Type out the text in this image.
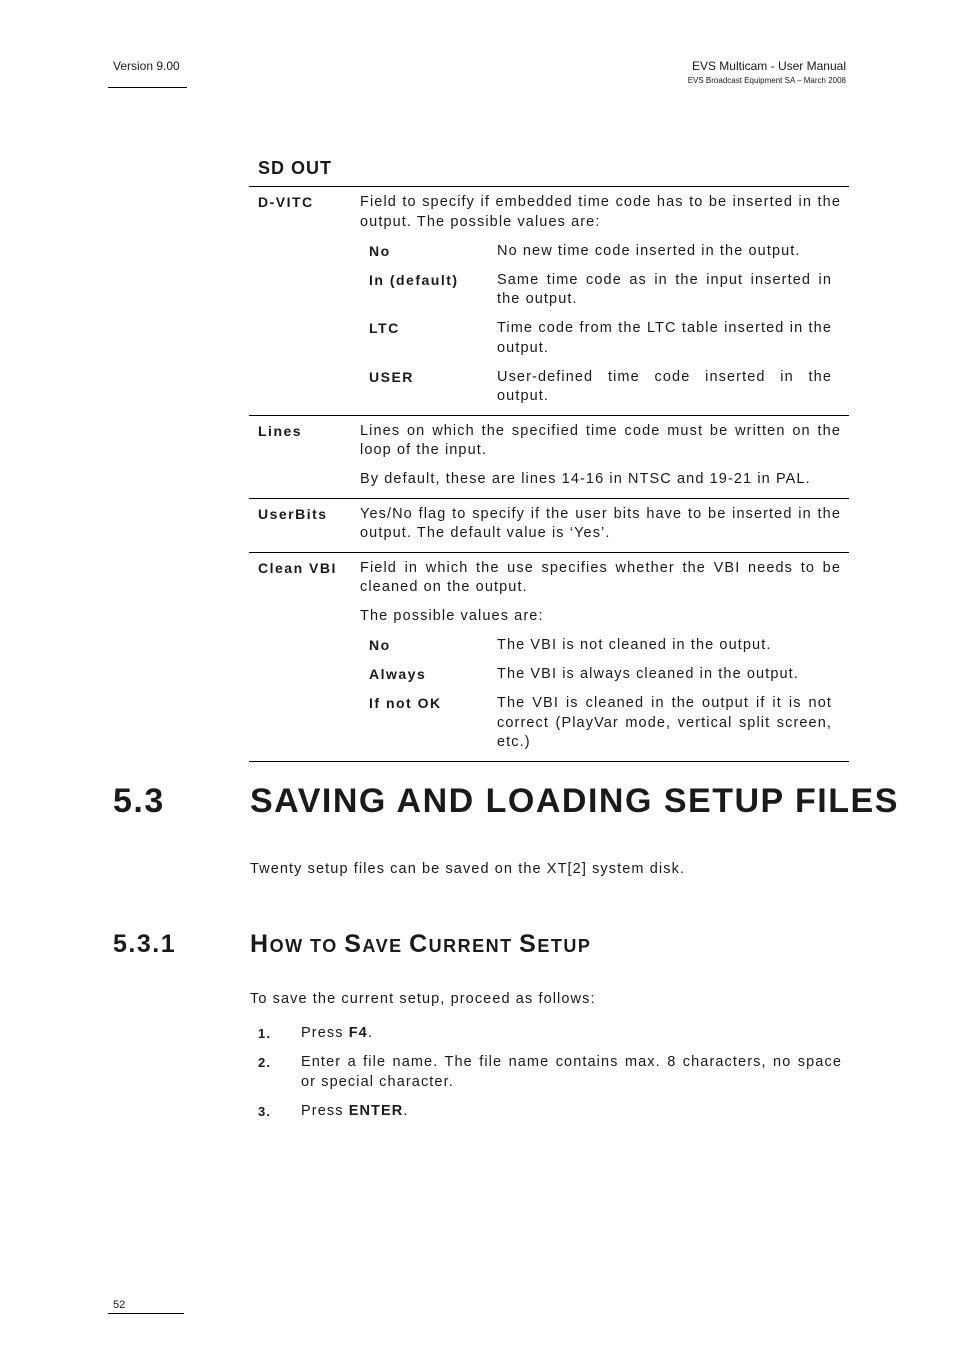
Version 9.00	EVS Multicam - User Manual
EVS Broadcast Equipment SA – March 2008
SD OUT
D-VITC	Field to specify if embedded time code has to be inserted in the output. The possible values are:

No	No new time code inserted in the output.
In (default)	Same time code as in the input inserted in the output.
LTC	Time code from the LTC table inserted in the output.
USER	User-defined time code inserted in the output.
Lines	Lines on which the specified time code must be written on the loop of the input.

By default, these are lines 14-16 in NTSC and 19-21 in PAL.

UserBits	Yes/No flag to specify if the user bits have to be inserted in the output. The default value is ‘Yes’.

Clean VBI	Field in which the use specifies whether the VBI needs to be cleaned on the output.

The possible values are:

No	The VBI is not cleaned in the output.
Always	The VBI is always cleaned in the output.
If not OK	The VBI is cleaned in the output if it is not correct (PlayVar mode, vertical split screen, etc.)
5.3	SAVING AND LOADING SETUP FILES
Twenty setup files can be saved on the XT[2] system disk.
5.3.1	HOW TO SAVE CURRENT SETUP
To save the current setup, proceed as follows:
1.	Press F4.
2.	Enter a file name. The file name contains max. 8 characters, no space or special character.
3.	Press ENTER.
52
